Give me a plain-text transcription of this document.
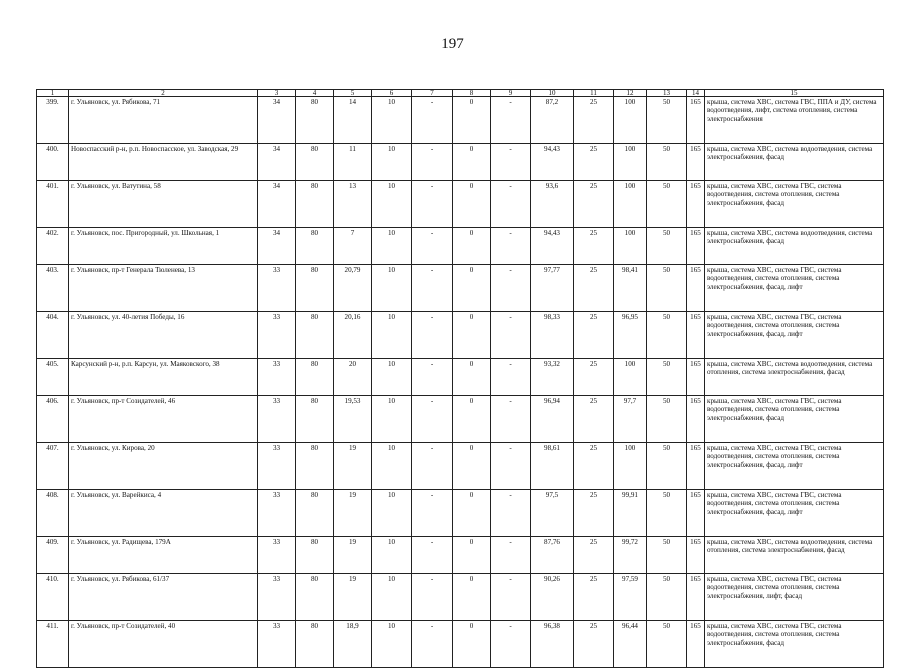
197
1	2	3	4	5	6	7	8	9	10	11	12	13	14	15
399.	г. Ульяновск, ул. Рябикова, 71	34	80	14	10	-	0	-	87,2	25	100	50	165	крыша, система ХВС, система ГВС, ППА и ДУ, система водоотведения, лифт, система отопления, система электроснабжения
400.	Новоспасский р-н, р.п. Новоспасское, ул. Заводская, 29	34	80	11	10	-	0	-	94,43	25	100	50	165	крыша, система ХВС, система водоотведения, система электроснабжения, фасад
401.	г. Ульяновск, ул. Ватутина, 58	34	80	13	10	-	0	-	93,6	25	100	50	165	крыша, система ХВС, система ГВС, система водоотведения, система отопления, система электроснабжения, фасад
402.	г. Ульяновск, пос. Пригородный, ул. Школьная, 1	34	80	7	10	-	0	-	94,43	25	100	50	165	крыша, система ХВС, система водоотведения, система электроснабжения, фасад
403.	г. Ульяновск, пр-т Генерала Тюленева, 13	33	80	20,79	10	-	0	-	97,77	25	98,41	50	165	крыша, система ХВС, система ГВС, система водоотведения, система отопления, система электроснабжения, фасад, лифт
404.	г. Ульяновск, ул. 40-летия Победы, 16	33	80	20,16	10	-	0	-	98,33	25	96,95	50	165	крыша, система ХВС, система ГВС, система водоотведения, система отопления, система электроснабжения, фасад, лифт
405.	Карсунский р-н, р.п. Карсун, ул. Маяковского, 38	33	80	20	10	-	0	-	93,32	25	100	50	165	крыша, система ХВС, система водоотведения, система отопления, система электроснабжения, фасад
406.	г. Ульяновск, пр-т Созидателей, 46	33	80	19,53	10	-	0	-	96,94	25	97,7	50	165	крыша, система ХВС, система ГВС, система водоотведения, система отопления, система электроснабжения, фасад
407.	г. Ульяновск, ул. Кирова, 20	33	80	19	10	-	0	-	98,61	25	100	50	165	крыша, система ХВС, система ГВС, система водоотведения, система отопления, система электроснабжения, фасад, лифт
408.	г. Ульяновск, ул. Варейкиса, 4	33	80	19	10	-	0	-	97,5	25	99,91	50	165	крыша, система ХВС, система ГВС, система водоотведения, система отопления, система электроснабжения, фасад, лифт
409.	г. Ульяновск, ул. Радищева, 179А	33	80	19	10	-	0	-	87,76	25	99,72	50	165	крыша, система ХВС, система водоотведения, система отопления, система электроснабжения, фасад
410.	г. Ульяновск, ул. Рябикова, 61/37	33	80	19	10	-	0	-	90,26	25	97,59	50	165	крыша, система ХВС, система ГВС, система водоотведения, система отопления, система электроснабжения, лифт, фасад
411.	г. Ульяновск, пр-т Созидателей, 40	33	80	18,9	10	-	0	-	96,38	25	96,44	50	165	крыша, система ХВС, система ГВС, система водоотведения, система отопления, система электроснабжения, фасад
